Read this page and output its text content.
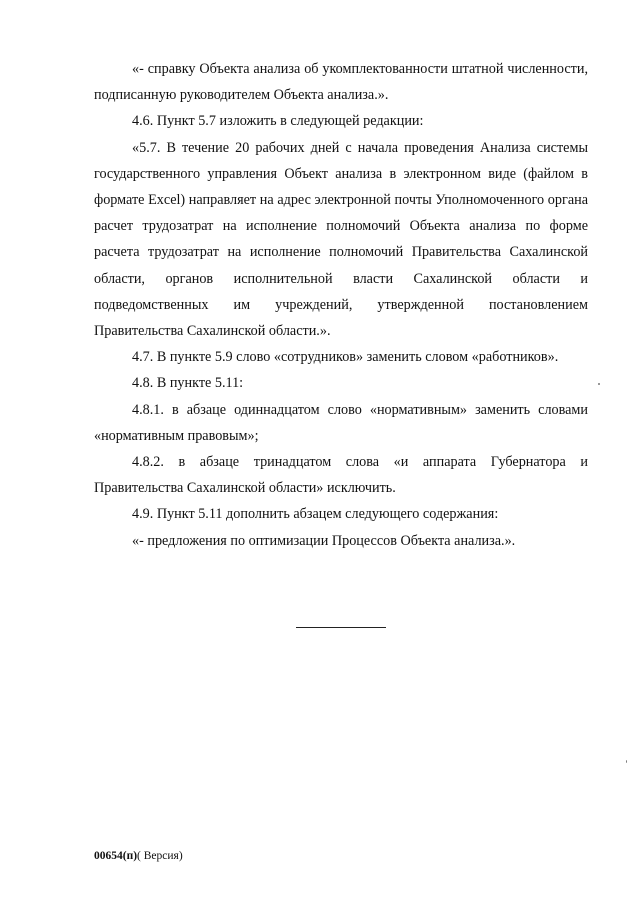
«- справку Объекта анализа об укомплектованности штатной численности, подписанную руководителем Объекта анализа.».

4.6. Пункт 5.7 изложить в следующей редакции:

«5.7. В течение 20 рабочих дней с начала проведения Анализа системы государственного управления Объект анализа в электронном виде (файлом в формате Excel) направляет на адрес электронной почты Уполномоченного органа расчет трудозатрат на исполнение полномочий Объекта анализа по форме расчета трудозатрат на исполнение полномочий Правительства Сахалинской области, органов исполнительной власти Сахалинской области и подведомственных им учреждений, утвержденной постановлением Правительства Сахалинской области.».

4.7. В пункте 5.9 слово «сотрудников» заменить словом «работников».

4.8. В пункте 5.11:

4.8.1. в абзаце одиннадцатом слово «нормативным» заменить словами «нормативным правовым»;

4.8.2. в абзаце тринадцатом слова «и аппарата Губернатора и Правительства Сахалинской области» исключить.

4.9. Пункт 5.11 дополнить абзацем следующего содержания:

«- предложения по оптимизации Процессов Объекта анализа.».

00654(п)( Версия)
